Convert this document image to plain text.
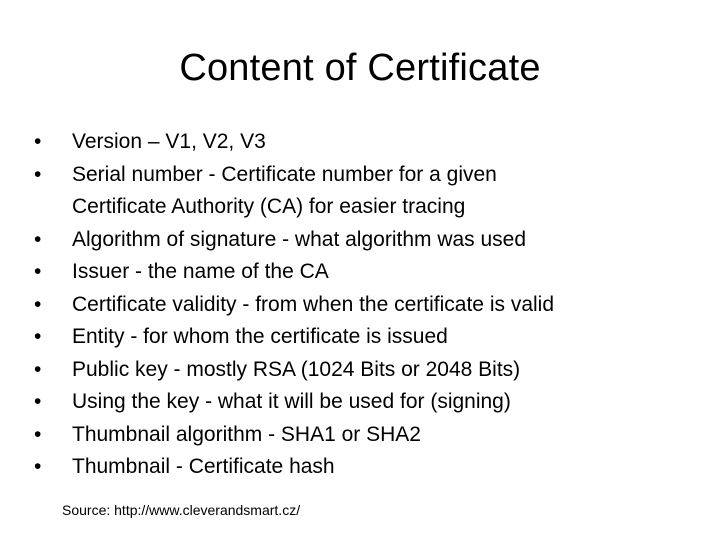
Content of Certificate
•	Version – V1, V2, V3
•	Serial number - Certificate number for a given
Certificate Authority (CA) for easier tracing
•	Algorithm of signature - what algorithm was used
•	Issuer - the name of the CA
•	Certificate validity - from when the certificate is valid
•	Entity - for whom the certificate is issued
•	Public key - mostly RSA (1024 Bits or 2048 Bits)
•	Using the key - what it will be used for (signing)
•	Thumbnail algorithm - SHA1 or SHA2
•	Thumbnail - Certificate hash
Source: http://www.cleverandsmart.cz/
